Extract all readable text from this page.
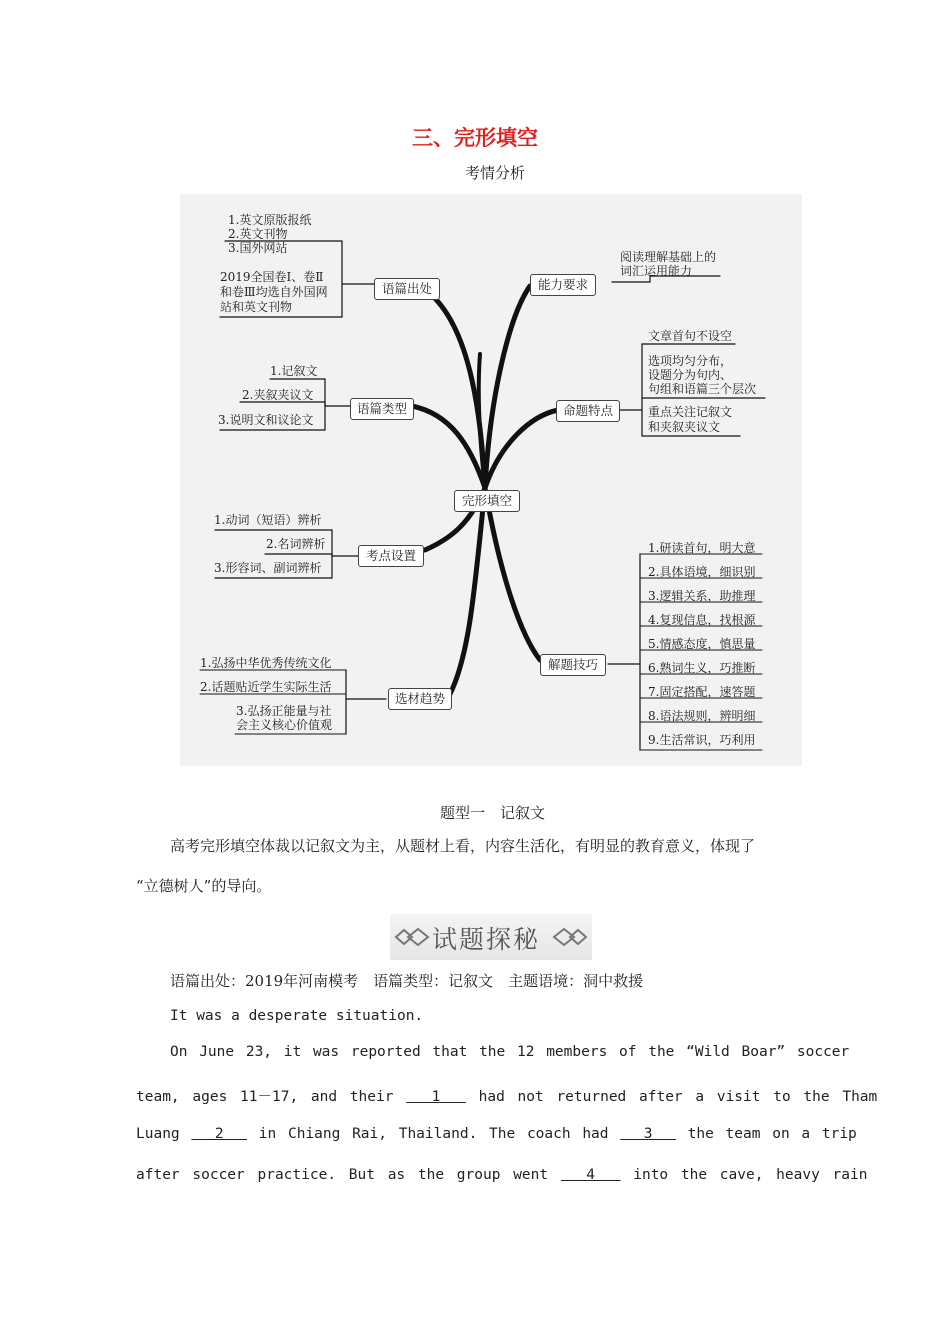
三、完形填空
考情分析
完形填空
语篇出处
1.英文原版报纸
2.英文刊物
3.国外网站
2019全国卷Ⅰ、卷Ⅱ
和卷Ⅲ均选自外国网
站和英文刊物
能力要求
阅读理解基础上的
词汇运用能力
语篇类型
1.记叙文
2.夹叙夹议文
3.说明文和议论文
命题特点
文章首句不设空
选项均匀分布，
设题分为句内、
句组和语篇三个层次
重点关注记叙文
和夹叙夹议文
考点设置
1.动词（短语）辨析
2.名词辨析
3.形容词、副词辨析
解题技巧
1.研读首句，明大意
2.具体语境，细识别
3.逻辑关系，助推理
4.复现信息，找根源
5.情感态度，慎思量
6.熟词生义，巧推断
7.固定搭配，速答题
8.语法规则，辨明细
9.生活常识，巧利用
选材趋势
1.弘扬中华优秀传统文化
2.话题贴近学生实际生活
3.弘扬正能量与社
会主义核心价值观
题型一　记叙文
高考完形填空体裁以记叙文为主，从题材上看，内容生活化，有明显的教育意义，体现了
“立德树人”的导向。
试题探秘
语篇出处：2019年河南模考　语篇类型：记叙文　主题语境：洞中救援
It was a desperate situation.
On June 23, it was reported that the 12 members of the “Wild Boar” soccer
team, ages 11－17, and their   1   had not returned after a visit to the Tham
Luang   2   in Chiang Rai, Thailand. The coach had   3   the team on a trip
after soccer practice. But as the group went   4   into the cave, heavy rain
